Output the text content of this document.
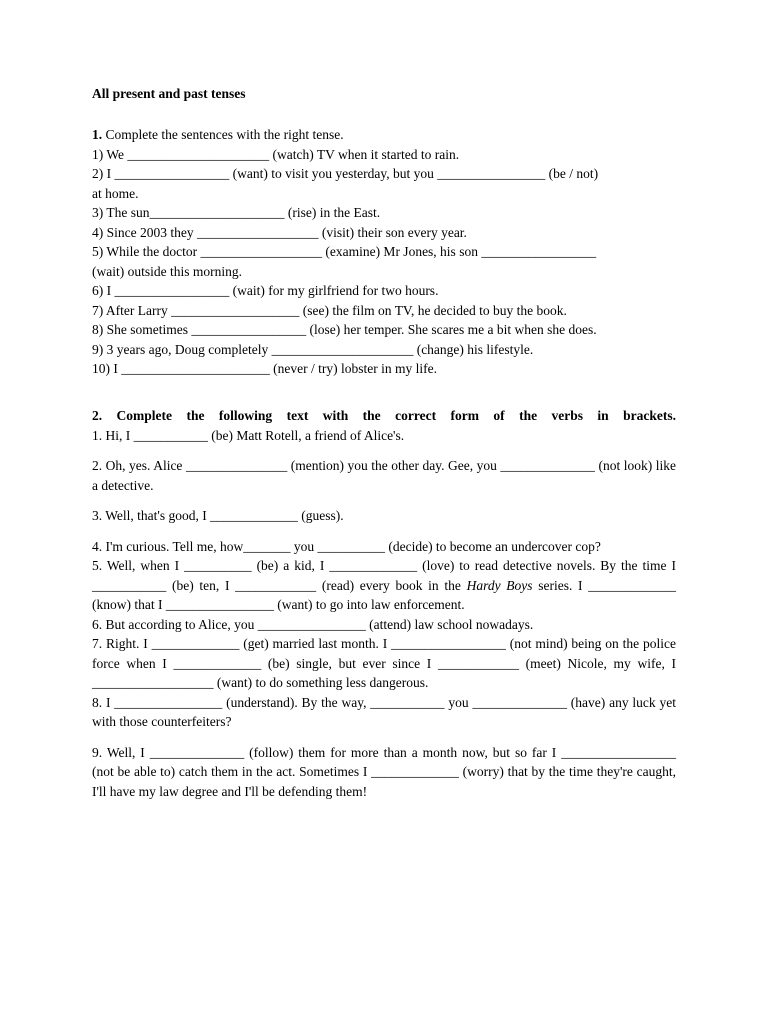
All present and past tenses

1. Complete the sentences with the right tense.

1) We _____________________ (watch) TV when it started to rain.

2) I _________________ (want) to visit you yesterday, but you ________________ (be / not)

at home.

3) The sun____________________ (rise) in the East.

4) Since 2003 they __________________ (visit) their son every year.

5) While the doctor __________________ (examine) Mr Jones, his son _________________

(wait) outside this morning.

6) I _________________ (wait) for my girlfriend for two hours.

7) After Larry ___________________ (see) the film on TV, he decided to buy the book.

8) She sometimes _________________ (lose) her temper. She scares me a bit when she does.

9) 3 years ago, Doug completely _____________________ (change) his lifestyle.

10) I ______________________ (never / try) lobster in my life.

2. Complete the following text with the correct form of the verbs in brackets.

1. Hi, I ___________ (be) Matt Rotell, a friend of Alice's.

2. Oh, yes. Alice _______________ (mention) you the other day. Gee, you ______________ (not look) like a detective.

3. Well, that's good, I _____________ (guess).

4. I'm curious. Tell me, how_______ you __________ (decide) to become an undercover cop?

5. Well, when I __________ (be) a kid, I _____________ (love) to read detective novels. By the time I ___________ (be) ten, I ____________ (read) every book in the Hardy Boys series. I _____________ (know) that I ________________ (want) to go into law enforcement.

6. But according to Alice, you ________________ (attend) law school nowadays.

7. Right. I _____________ (get) married last month. I _________________ (not mind) being on the police force when I _____________ (be) single, but ever since I ____________ (meet) Nicole, my wife, I __________________ (want) to do something less dangerous.

8. I ________________ (understand). By the way, ___________ you ______________ (have) any luck yet with those counterfeiters?

9. Well, I ______________ (follow) them for more than a month now, but so far I _________________ (not be able to) catch them in the act. Sometimes I _____________ (worry) that by the time they're caught, I'll have my law degree and I'll be defending them!
